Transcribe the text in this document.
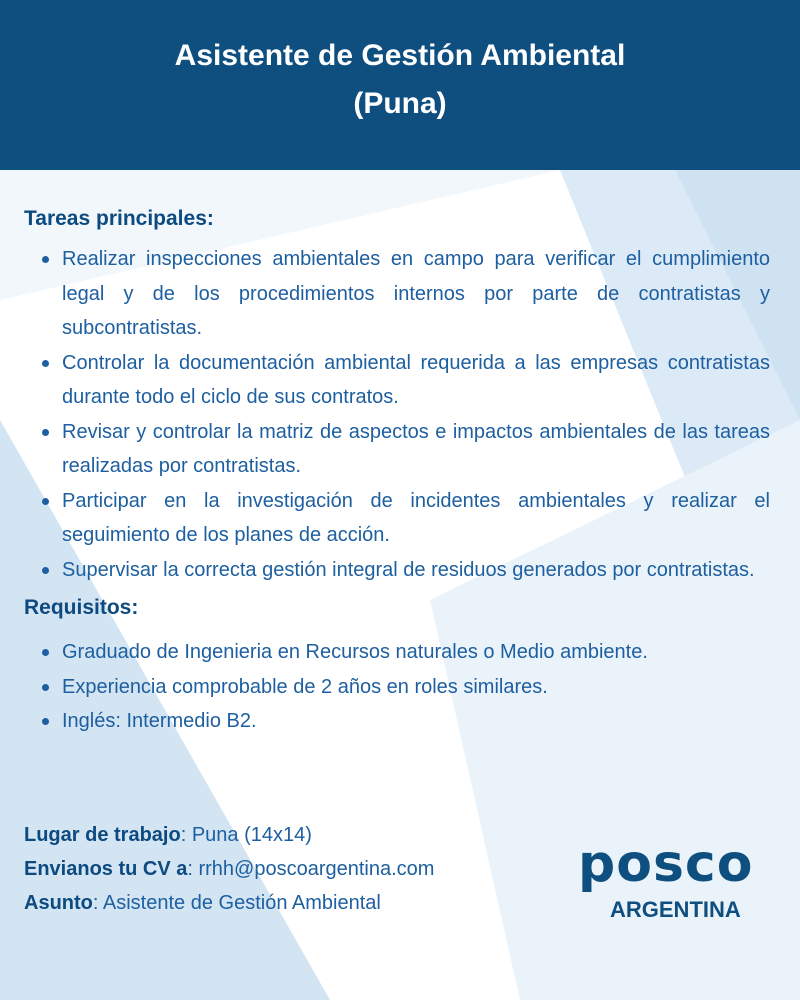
Asistente de Gestión Ambiental
(Puna)
Tareas principales:
Realizar inspecciones ambientales en campo para verificar el cumplimiento legal y de los procedimientos internos por parte de contratistas y subcontratistas.
Controlar la documentación ambiental requerida a las empresas contratistas durante todo el ciclo de sus contratos.
Revisar y controlar la matriz de aspectos e impactos ambientales de las tareas realizadas por contratistas.
Participar en la investigación de incidentes ambientales y realizar el seguimiento de los planes de acción.
Supervisar la correcta gestión integral de residuos generados por contratistas.
Requisitos:
Graduado de Ingenieria en Recursos naturales o Medio ambiente.
Experiencia comprobable de 2 años en roles similares.
Inglés: Intermedio B2.
Lugar de trabajo: Puna (14x14)
Envianos tu CV a: rrhh@poscoargentina.com
Asunto: Asistente de Gestión Ambiental
posco
ARGENTINA
